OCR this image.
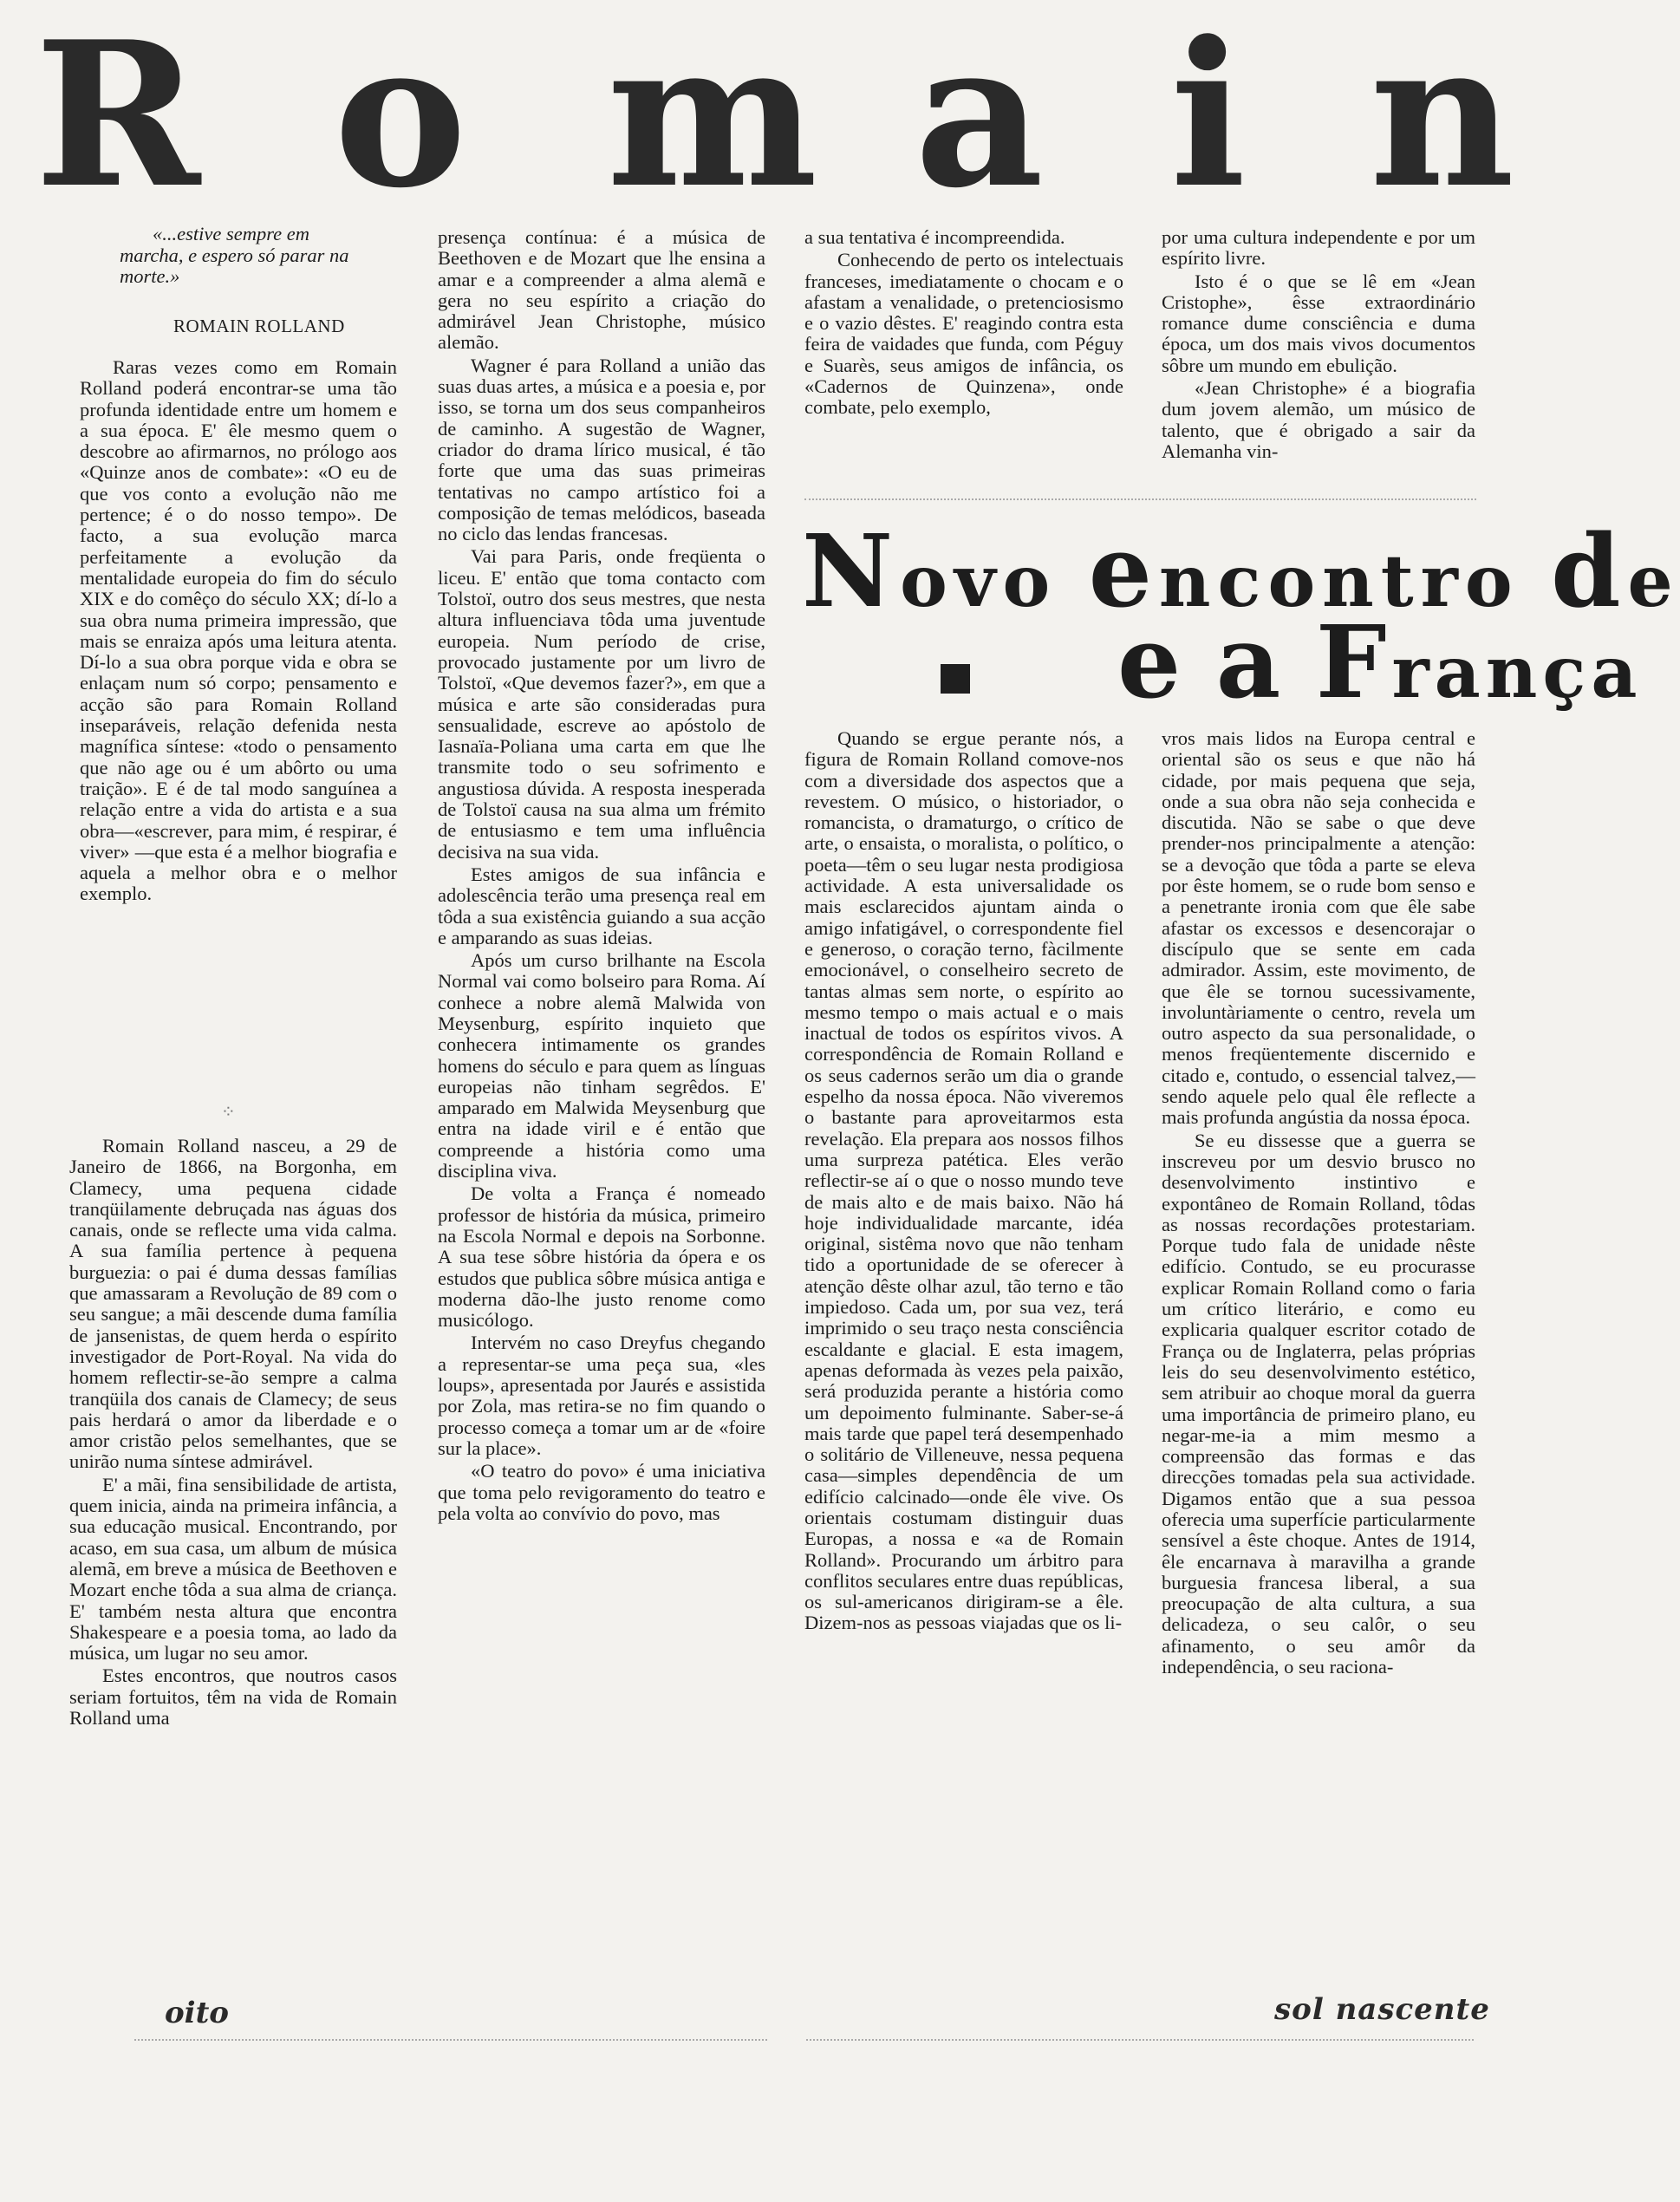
R o m a i n
«...estive sempre em marcha, e espero só parar na morte.»
ROMAIN ROLLAND

Raras vezes como em Romain Rolland poderá encontrar-se uma tão profunda identidade entre um homem e a sua época. E' êle mesmo quem o descobre ao afirmarnos, no prólogo aos «Quinze anos de combate»: «O eu de que vos conto a evolução não me pertence; é o do nosso tempo». De facto, a sua evolução marca perfeitamente a evolução da mentalidade europeia do fim do século XIX e do comêço do século XX; dí-lo a sua obra numa primeira impressão, que mais se enraiza após uma leitura atenta. Dí-lo a sua obra porque vida e obra se enlaçam num só corpo; pensamento e acção são para Romain Rolland inseparáveis, relação defenida nesta magnífica síntese: «todo o pensamento que não age ou é um abôrto ou uma traição». E é de tal modo sanguínea a relação entre a vida do artista e a sua obra—«escrever, para mim, é respirar, é viver» —que esta é a melhor biografia e aquela a melhor obra e o melhor exemplo.

⁘

Romain Rolland nasceu, a 29 de Janeiro de 1866, na Borgonha, em Clamecy, uma pequena cidade tranqüilamente debruçada nas águas dos canais, onde se reflecte uma vida calma. A sua família pertence à pequena burguezia: o pai é duma dessas famílias que amassaram a Revolução de 89 com o seu sangue; a mãi descende duma família de jansenistas, de quem herda o espírito investigador de Port-Royal. Na vida do homem reflectir-se-ão sempre a calma tranqüila dos canais de Clamecy; de seus pais herdará o amor da liberdade e o amor cristão pelos semelhantes, que se unirão numa síntese admirável.

E' a mãi, fina sensibilidade de artista, quem inicia, ainda na primeira infância, a sua educação musical. Encontrando, por acaso, em sua casa, um album de música alemã, em breve a música de Beethoven e Mozart enche tôda a sua alma de criança. E' também nesta altura que encontra Shakespeare e a poesia toma, ao lado da música, um lugar no seu amor.

Estes encontros, que noutros casos seriam fortuitos, têm na vida de Romain Rolland uma

presença contínua: é a música de Beethoven e de Mozart que lhe ensina a amar e a compreender a alma alemã e gera no seu espírito a criação do admirável Jean Christophe, músico alemão.

Wagner é para Rolland a união das suas duas artes, a música e a poesia e, por isso, se torna um dos seus companheiros de caminho. A sugestão de Wagner, criador do drama lírico musical, é tão forte que uma das suas primeiras tentativas no campo artístico foi a composição de temas melódicos, baseada no ciclo das lendas francesas.

Vai para Paris, onde freqüenta o liceu. E' então que toma contacto com Tolstoï, outro dos seus mestres, que nesta altura influenciava tôda uma juventude europeia. Num período de crise, provocado justamente por um livro de Tolstoï, «Que devemos fazer?», em que a música e arte são consideradas pura sensualidade, escreve ao apóstolo de Iasnaïa-Poliana uma carta em que lhe transmite todo o seu sofrimento e angustiosa dúvida. A resposta inesperada de Tolstoï causa na sua alma um frémito de entusiasmo e tem uma influência decisiva na sua vida.

Estes amigos de sua infância e adolescência terão uma presença real em tôda a sua existência guiando a sua acção e amparando as suas ideias.

Após um curso brilhante na Escola Normal vai como bolseiro para Roma. Aí conhece a nobre alemã Malwida von Meysenburg, espírito inquieto que conhecera intimamente os grandes homens do século e para quem as línguas europeias não tinham segrêdos. E' amparado em Malwida Meysenburg que entra na idade viril e é então que compreende a história como uma disciplina viva.

De volta a França é nomeado professor de história da música, primeiro na Escola Normal e depois na Sorbonne. A sua tese sôbre história da ópera e os estudos que publica sôbre música antiga e moderna dão-lhe justo renome como musicólogo.

Intervém no caso Dreyfus chegando a representar-se uma peça sua, «les loups», apresentada por Jaurés e assistida por Zola, mas retira-se no fim quando o processo começa a tomar um ar de «foire sur la place».

«O teatro do povo» é uma iniciativa que toma pelo revigoramento do teatro e pela volta ao convívio do povo, mas

a sua tentativa é incompreendida.

Conhecendo de perto os intelectuais franceses, imediatamente o chocam e o afastam a venalidade, o pretenciosismo e o vazio dêstes. E' reagindo contra esta feira de vaidades que funda, com Péguy e Suarès, seus amigos de infância, os «Cadernos de Quinzena», onde combate, pelo exemplo,

por uma cultura independente e por um espírito livre.

Isto é o que se lê em «Jean Cristophe», êsse extraordinário romance dume consciência e duma época, um dos mais vivos documentos sôbre um mundo em ebulição.

«Jean Christophe» é a biografia dum jovem alemão, um músico de talento, que é obrigado a sair da Alemanha vin-

Novo encontro de
e a França

Quando se ergue perante nós, a figura de Romain Rolland comove-nos com a diversidade dos aspectos que a revestem. O músico, o historiador, o romancista, o dramaturgo, o crítico de arte, o ensaista, o moralista, o político, o poeta—têm o seu lugar nesta prodigiosa actividade. A esta universalidade os mais esclarecidos ajuntam ainda o amigo infatigável, o correspondente fiel e generoso, o coração terno, fàcilmente emocionável, o conselheiro secreto de tantas almas sem norte, o espírito ao mesmo tempo o mais actual e o mais inactual de todos os espíritos vivos. A correspondência de Romain Rolland e os seus cadernos serão um dia o grande espelho da nossa época. Não viveremos o bastante para aproveitarmos esta revelação. Ela prepara aos nossos filhos uma surpreza patética. Eles verão reflectir-se aí o que o nosso mundo teve de mais alto e de mais baixo. Não há hoje individualidade marcante, idéa original, sistêma novo que não tenham tido a oportunidade de se oferecer à atenção dêste olhar azul, tão terno e tão impiedoso. Cada um, por sua vez, terá imprimido o seu traço nesta consciência escaldante e glacial. E esta imagem, apenas deformada às vezes pela paixão, será produzida perante a história como um depoimento fulminante. Saber-se-á mais tarde que papel terá desempenhado o solitário de Villeneuve, nessa pequena casa—simples dependência de um edifício calcinado—onde êle vive. Os orientais costumam distinguir duas Europas, a nossa e «a de Romain Rolland». Procurando um árbitro para conflitos seculares entre duas repúblicas, os sul-americanos dirigiram-se a êle. Dizem-nos as pessoas viajadas que os li-

vros mais lidos na Europa central e oriental são os seus e que não há cidade, por mais pequena que seja, onde a sua obra não seja conhecida e discutida. Não se sabe o que deve prender-nos principalmente a atenção: se a devoção que tôda a parte se eleva por êste homem, se o rude bom senso e a penetrante ironia com que êle sabe afastar os excessos e desencorajar o discípulo que se sente em cada admirador. Assim, este movimento, de que êle se tornou sucessivamente, involuntàriamente o centro, revela um outro aspecto da sua personalidade, o menos freqüentemente discernido e citado e, contudo, o essencial talvez,—sendo aquele pelo qual êle reflecte a mais profunda angústia da nossa época.

Se eu dissesse que a guerra se inscreveu por um desvio brusco no desenvolvimento instintivo e expontâneo de Romain Rolland, tôdas as nossas recordações protestariam. Porque tudo fala de unidade nêste edifício. Contudo, se eu procurasse explicar Romain Rolland como o faria um crítico literário, e como eu explicaria qualquer escritor cotado de França ou de Inglaterra, pelas próprias leis do seu desenvolvimento estético, sem atribuir ao choque moral da guerra uma importância de primeiro plano, eu negar-me-ia a mim mesmo a compreensão das formas e das direcções tomadas pela sua actividade. Digamos então que a sua pessoa oferecia uma superfície particularmente sensível a êste choque. Antes de 1914, êle encarnava à maravilha a grande burguesia francesa liberal, a sua preocupação de alta cultura, a sua delicadeza, o seu calôr, o seu afinamento, o seu amôr da independência, o seu raciona-

oito	sol nascente
